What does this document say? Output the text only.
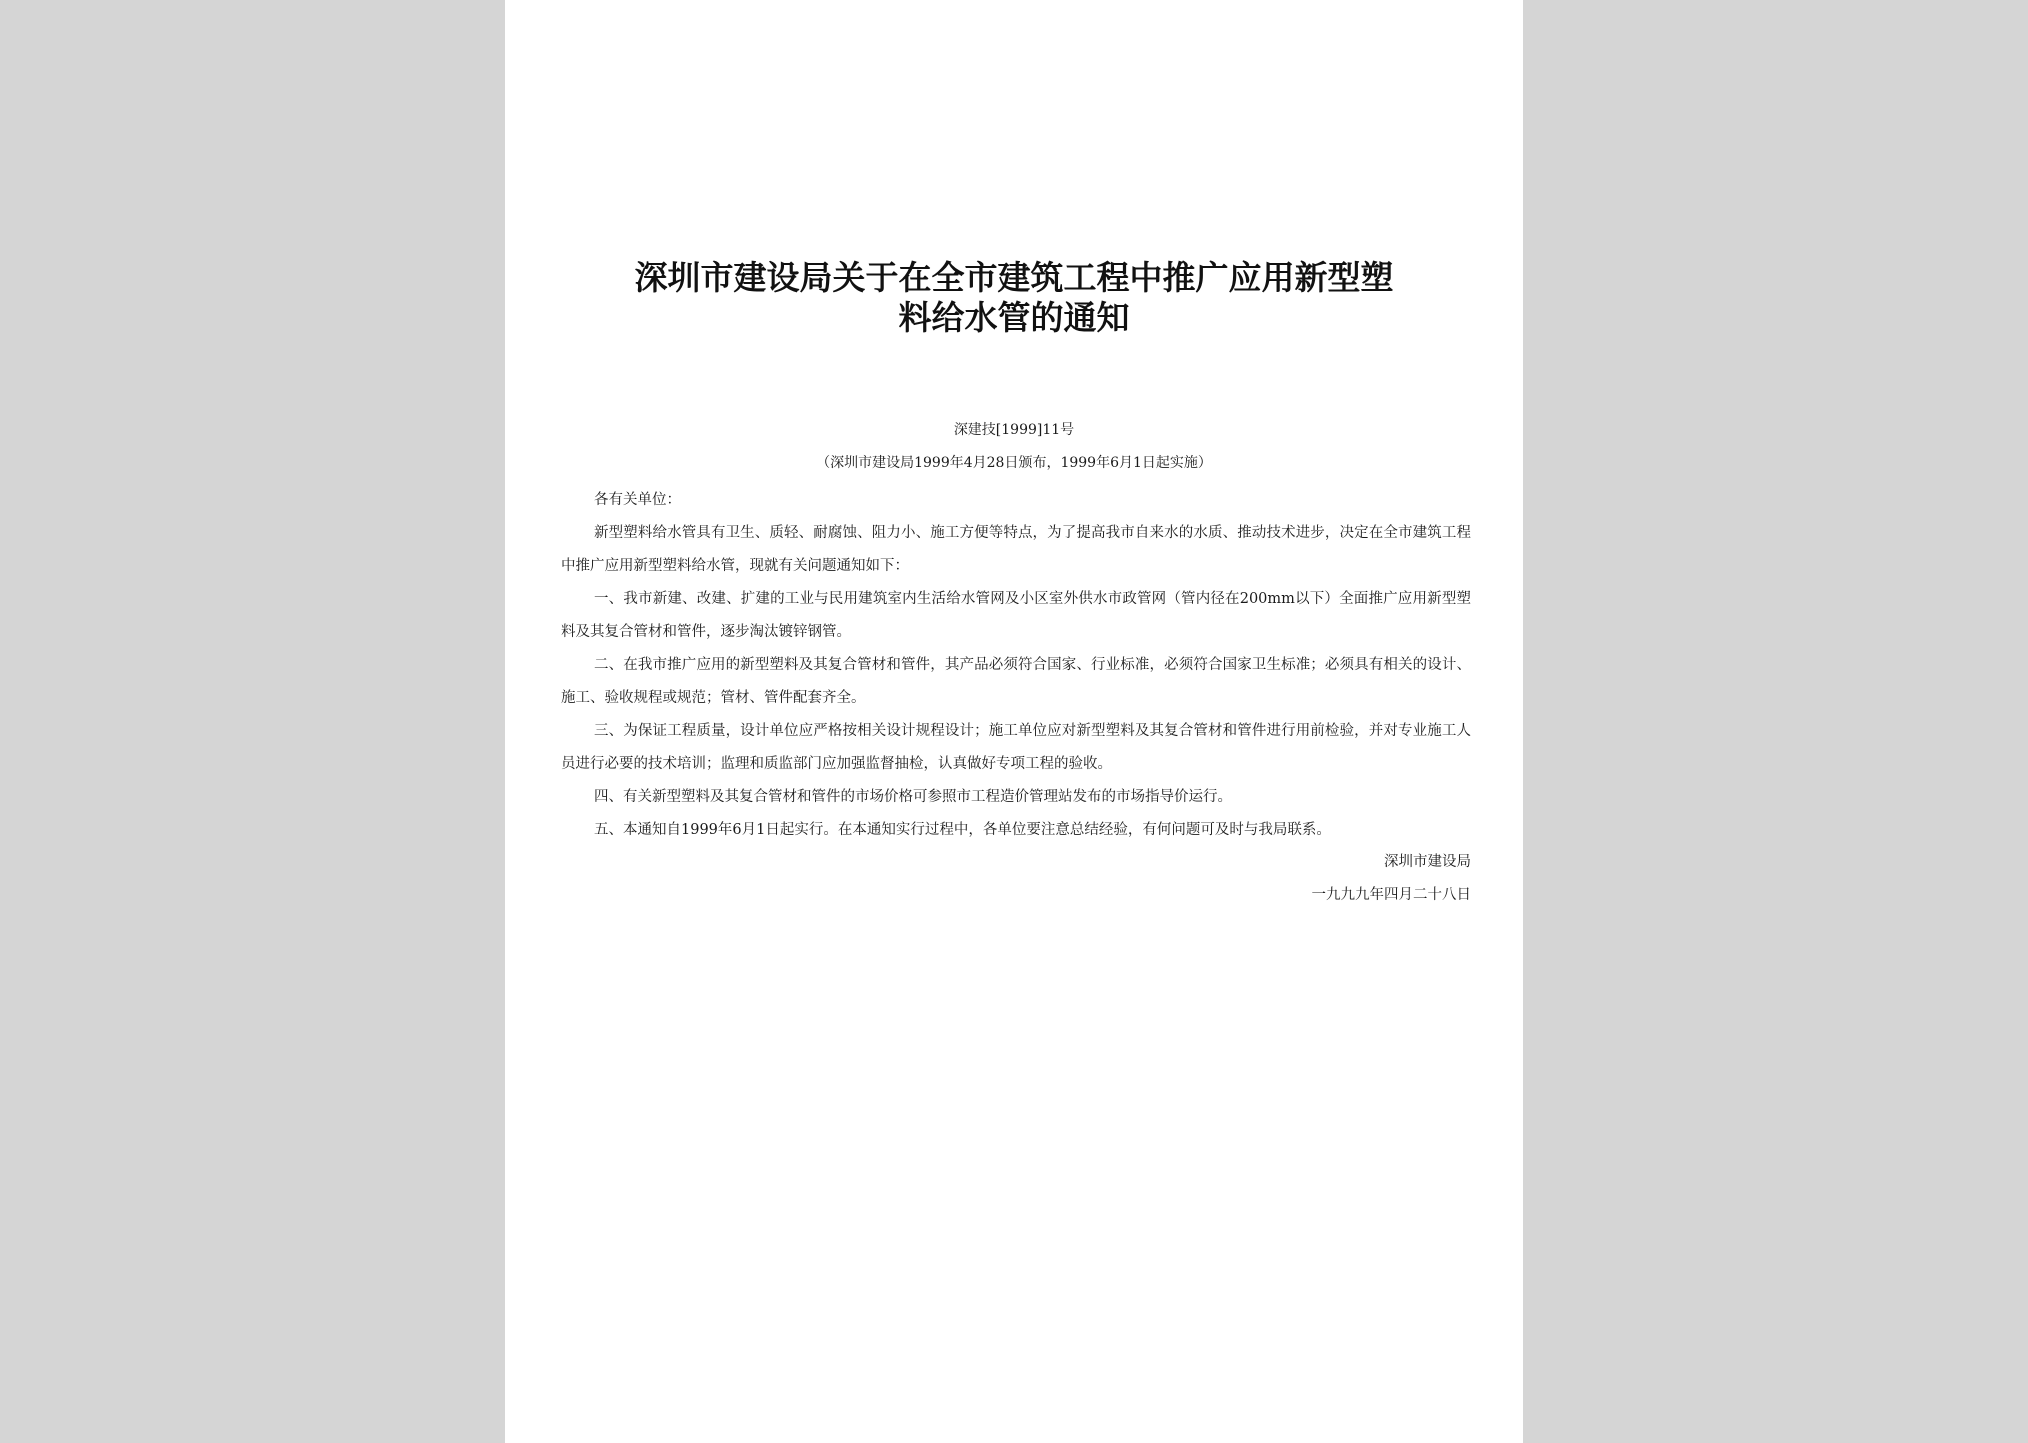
深圳市建设局关于在全市建筑工程中推广应用新型塑
料给水管的通知
深建技[1999]11号
（深圳市建设局1999年4月28日颁布，1999年6月1日起实施）

各有关单位：

新型塑料给水管具有卫生、质轻、耐腐蚀、阻力小、施工方便等特点，为了提高我市自来水的水质、推动技术进步，决定在全市建筑工程中推广应用新型塑料给水管，现就有关问题通知如下：

一、我市新建、改建、扩建的工业与民用建筑室内生活给水管网及小区室外供水市政管网（管内径在200mm以下）全面推广应用新型塑料及其复合管材和管件，逐步淘汰镀锌钢管。

二、在我市推广应用的新型塑料及其复合管材和管件，其产品必须符合国家、行业标准，必须符合国家卫生标准；必须具有相关的设计、施工、验收规程或规范；管材、管件配套齐全。

三、为保证工程质量，设计单位应严格按相关设计规程设计；施工单位应对新型塑料及其复合管材和管件进行用前检验，并对专业施工人员进行必要的技术培训；监理和质监部门应加强监督抽检，认真做好专项工程的验收。

四、有关新型塑料及其复合管材和管件的市场价格可参照市工程造价管理站发布的市场指导价运行。

五、本通知自1999年6月1日起实行。在本通知实行过程中，各单位要注意总结经验，有何问题可及时与我局联系。

深圳市建设局
一九九九年四月二十八日
